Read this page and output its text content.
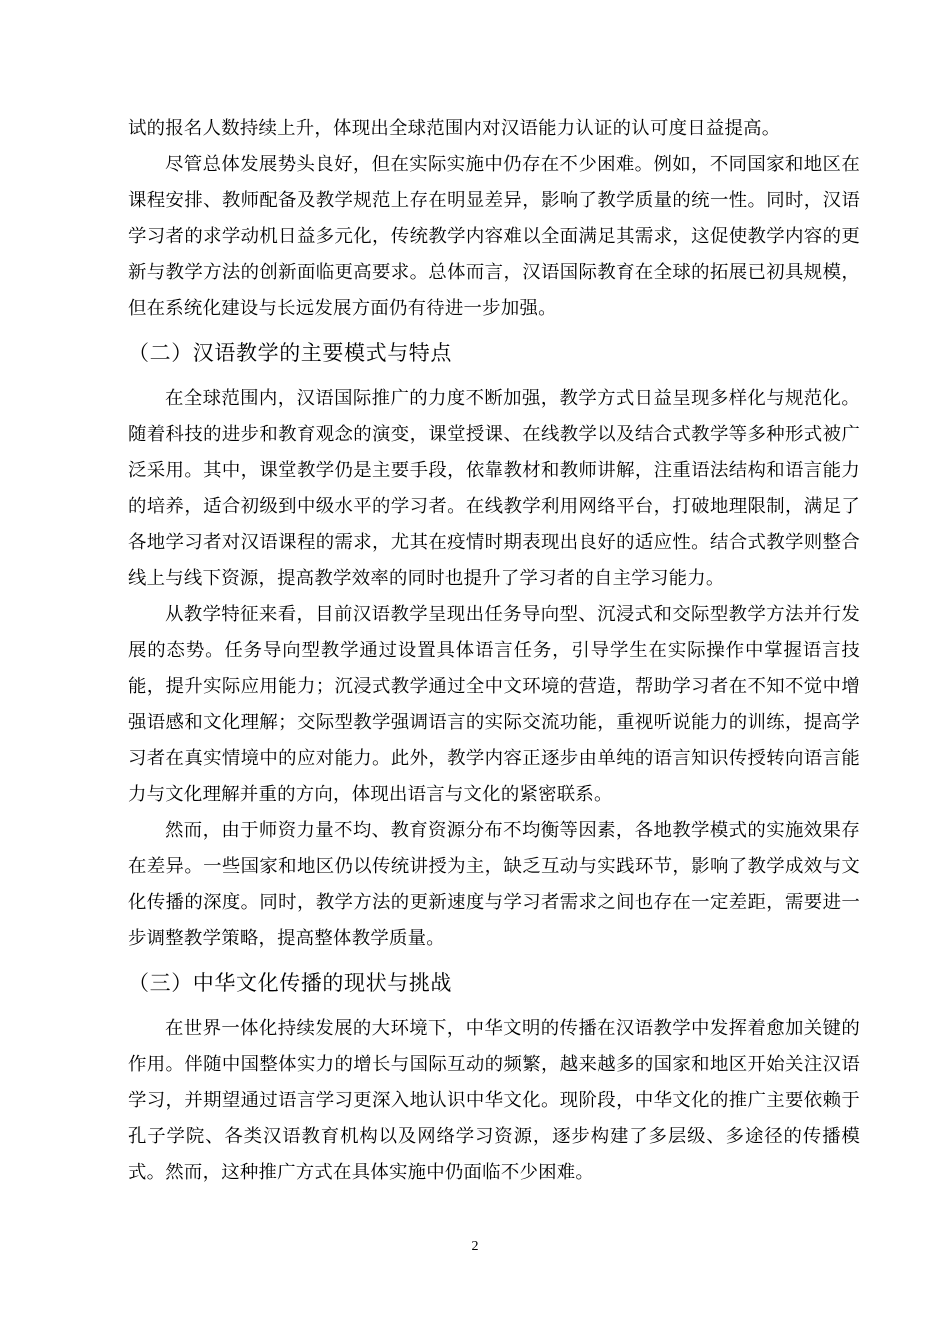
试的报名人数持续上升，体现出全球范围内对汉语能力认证的认可度日益提高。

尽管总体发展势头良好，但在实际实施中仍存在不少困难。例如，不同国家和地区在课程安排、教师配备及教学规范上存在明显差异，影响了教学质量的统一性。同时，汉语学习者的求学动机日益多元化，传统教学内容难以全面满足其需求，这促使教学内容的更新与教学方法的创新面临更高要求。总体而言，汉语国际教育在全球的拓展已初具规模，但在系统化建设与长远发展方面仍有待进一步加强。

（二）汉语教学的主要模式与特点

在全球范围内，汉语国际推广的力度不断加强，教学方式日益呈现多样化与规范化。随着科技的进步和教育观念的演变，课堂授课、在线教学以及结合式教学等多种形式被广泛采用。其中，课堂教学仍是主要手段，依靠教材和教师讲解，注重语法结构和语言能力的培养，适合初级到中级水平的学习者。在线教学利用网络平台，打破地理限制，满足了各地学习者对汉语课程的需求，尤其在疫情时期表现出良好的适应性。结合式教学则整合线上与线下资源，提高教学效率的同时也提升了学习者的自主学习能力。

从教学特征来看，目前汉语教学呈现出任务导向型、沉浸式和交际型教学方法并行发展的态势。任务导向型教学通过设置具体语言任务，引导学生在实际操作中掌握语言技能，提升实际应用能力；沉浸式教学通过全中文环境的营造，帮助学习者在不知不觉中增强语感和文化理解；交际型教学强调语言的实际交流功能，重视听说能力的训练，提高学习者在真实情境中的应对能力。此外，教学内容正逐步由单纯的语言知识传授转向语言能力与文化理解并重的方向，体现出语言与文化的紧密联系。

然而，由于师资力量不均、教育资源分布不均衡等因素，各地教学模式的实施效果存在差异。一些国家和地区仍以传统讲授为主，缺乏互动与实践环节，影响了教学成效与文化传播的深度。同时，教学方法的更新速度与学习者需求之间也存在一定差距，需要进一步调整教学策略，提高整体教学质量。

（三）中华文化传播的现状与挑战

在世界一体化持续发展的大环境下，中华文明的传播在汉语教学中发挥着愈加关键的作用。伴随中国整体实力的增长与国际互动的频繁，越来越多的国家和地区开始关注汉语学习，并期望通过语言学习更深入地认识中华文化。现阶段，中华文化的推广主要依赖于孔子学院、各类汉语教育机构以及网络学习资源，逐步构建了多层级、多途径的传播模式。然而，这种推广方式在具体实施中仍面临不少困难。

2
